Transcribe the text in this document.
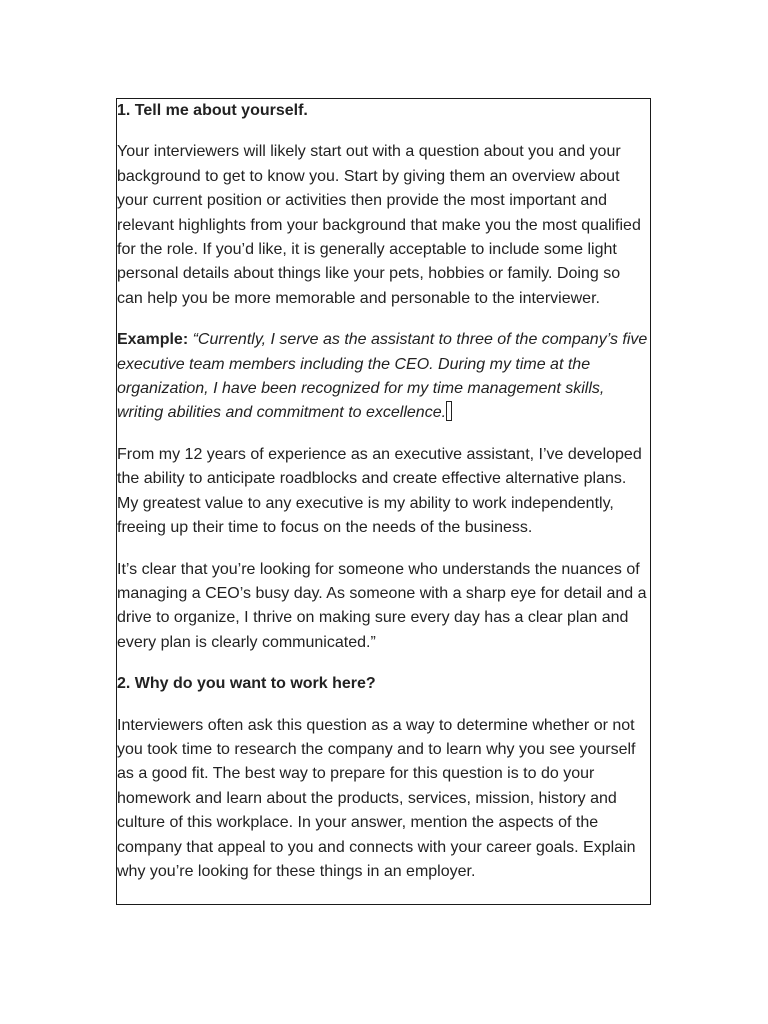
1. Tell me about yourself.

Your interviewers will likely start out with a question about you and your background to get to know you. Start by giving them an overview about your current position or activities then provide the most important and relevant highlights from your background that make you the most qualified for the role. If you’d like, it is generally acceptable to include some light personal details about things like your pets, hobbies or family. Doing so can help you be more memorable and personable to the interviewer.

Example: “Currently, I serve as the assistant to three of the company’s five executive team members including the CEO. During my time at the organization, I have been recognized for my time management skills, writing abilities and commitment to excellence.

From my 12 years of experience as an executive assistant, I’ve developed the ability to anticipate roadblocks and create effective alternative plans. My greatest value to any executive is my ability to work independently, freeing up their time to focus on the needs of the business.

It’s clear that you’re looking for someone who understands the nuances of managing a CEO’s busy day. As someone with a sharp eye for detail and a drive to organize, I thrive on making sure every day has a clear plan and every plan is clearly communicated.”

2. Why do you want to work here?

Interviewers often ask this question as a way to determine whether or not you took time to research the company and to learn why you see yourself as a good fit. The best way to prepare for this question is to do your homework and learn about the products, services, mission, history and culture of this workplace. In your answer, mention the aspects of the company that appeal to you and connects with your career goals. Explain why you’re looking for these things in an employer.
